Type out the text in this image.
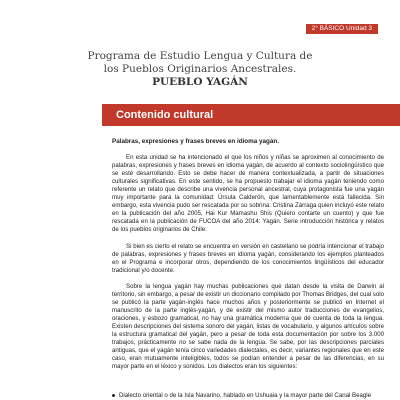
2° BÁSICO Unidad 3
Programa de Estudio Lengua y Cultura de
los Pueblos Originarios Ancestrales.
PUEBLO YAGÁN
Contenido cultural

Palabras, expresiones y frases breves en idioma yagán.

En esta unidad se ha intencionado el que los niños y niñas se aproximen al conocimiento de palabras, expresiones y frases breves en idioma yagán, de acuerdo al contexto sociolingüístico que se esté desarrollando. Esto se debe hacer de manera contextualizada, a partir de situaciones culturales significativas. En este sentido, se ha propuesto trabajar el idioma yagán teniendo como referente un relato que describe una vivencia personal ancestral, cuya protagonista fue una yagán muy importante para la comunidad: Úrsula Calderón, que lamentablemente está fallecida. Sin embargo, esta vivencia pudo ser rescatada por su sobrina: Cristina Zárraga quien incluyó este relato en la publicación del año 2005, Hai Kur Mamashu Shis (Quiero contarte un cuento) y que fue rescatada en la publicación de FUCOA del año 2014: Yagán. Serie introducción histórica y relatos de los pueblos originarios de Chile.

Si bien es cierto el relato se encuentra en versión en castellano se podría intencionar el trabajo de palabras, expresiones y frases breves en idioma yagán, considerando los ejemplos planteados en el Programa e incorporar otros, dependiendo de los conocimientos lingüísticos del educador tradicional y/o docente.

Sobre la lengua yagán hay muchas publicaciones que datan desde la visita de Darwin al territorio, sin embargo, a pesar de existir un diccionario compilado por Thomas Bridges, del cual solo se publicó la parte yagán-inglés hace muchos años y posteriormente se publicó en Internet el manuscrito de la parte inglés-yagán, y de existir del mismo autor traducciones de evangelios, oraciones, y esbozo gramatical, no hay una gramática moderna que dé cuenta de toda la lengua. Existen descripciones del sistema sonoro del yagán, listas de vocabulario, y algunos artículos sobre la estructura gramatical del yagán, pero a pesar de toda esta documentación por sobre los 3.000 trabajos, prácticamente no se sabe nada de la lengua. Se sabe, por las descripciones parciales antiguas, que el yagán tenía cinco variedades dialectales, es decir, variantes regionales que en este caso, eran mutuamente inteligibles, todos se podían entender a pesar de las diferencias, en su mayor parte en el léxico y sonidos. Los dialectos eran los siguientes:

Dialecto oriental o de la Isla Navarino, hablado en Ushuaia y la mayor parte del Canal Beagle
